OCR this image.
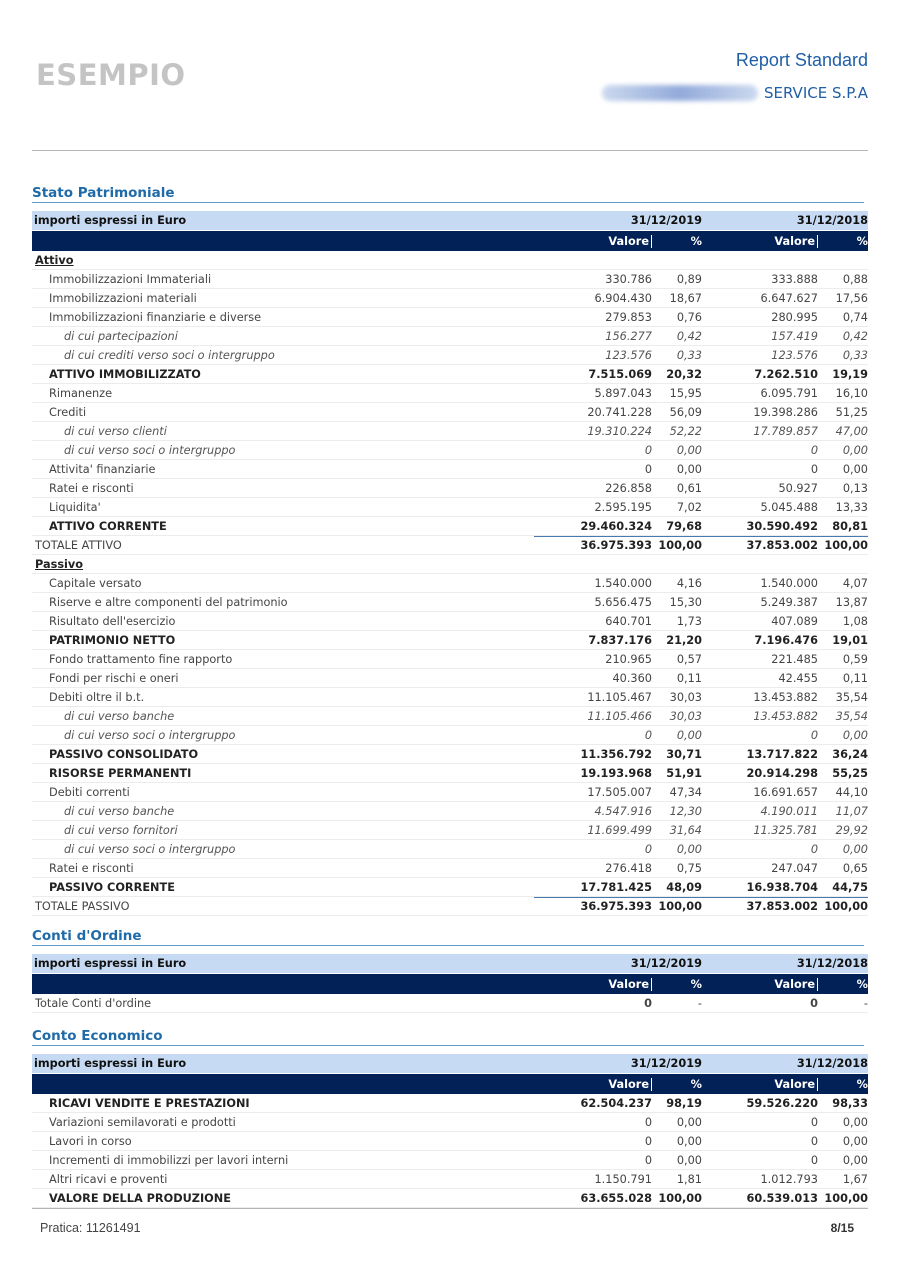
ESEMPIO	Report Standard
SERVICE S.P.A
Stato Patrimoniale
importi espressi in Euro	31/12/2019	31/12/2018
Valore	%	Valore	%
Attivo
Immobilizzazioni Immateriali	330.786	0,89	333.888	0,88
Immobilizzazioni materiali	6.904.430	18,67	6.647.627	17,56
Immobilizzazioni finanziarie e diverse	279.853	0,76	280.995	0,74
di cui partecipazioni	156.277	0,42	157.419	0,42
di cui crediti verso soci o intergruppo	123.576	0,33	123.576	0,33
ATTIVO IMMOBILIZZATO	7.515.069	20,32	7.262.510	19,19
Rimanenze	5.897.043	15,95	6.095.791	16,10
Crediti	20.741.228	56,09	19.398.286	51,25
di cui verso clienti	19.310.224	52,22	17.789.857	47,00
di cui verso soci o intergruppo	0	0,00	0	0,00
Attivita' finanziarie	0	0,00	0	0,00
Ratei e risconti	226.858	0,61	50.927	0,13
Liquidita'	2.595.195	7,02	5.045.488	13,33
ATTIVO CORRENTE	29.460.324	79,68	30.590.492	80,81
TOTALE ATTIVO	36.975.393 100,00	37.853.002 100,00
Passivo
Capitale versato	1.540.000	4,16	1.540.000	4,07
Riserve e altre componenti del patrimonio	5.656.475	15,30	5.249.387	13,87
Risultato dell'esercizio	640.701	1,73	407.089	1,08
PATRIMONIO NETTO	7.837.176	21,20	7.196.476	19,01
Fondo trattamento fine rapporto	210.965	0,57	221.485	0,59
Fondi per rischi e oneri	40.360	0,11	42.455	0,11
Debiti oltre il b.t.	11.105.467	30,03	13.453.882	35,54
di cui verso banche	11.105.466	30,03	13.453.882	35,54
di cui verso soci o intergruppo	0	0,00	0	0,00
PASSIVO CONSOLIDATO	11.356.792	30,71	13.717.822	36,24
RISORSE PERMANENTI	19.193.968	51,91	20.914.298	55,25
Debiti correnti	17.505.007	47,34	16.691.657	44,10
di cui verso banche	4.547.916	12,30	4.190.011	11,07
di cui verso fornitori	11.699.499	31,64	11.325.781	29,92
di cui verso soci o intergruppo	0	0,00	0	0,00
Ratei e risconti	276.418	0,75	247.047	0,65
PASSIVO CORRENTE	17.781.425	48,09	16.938.704	44,75
TOTALE PASSIVO	36.975.393 100,00	37.853.002 100,00
Conti d'Ordine
importi espressi in Euro	31/12/2019	31/12/2018
Valore	%	Valore	%
Totale Conti d'ordine	0	-	0	-
Conto Economico
importi espressi in Euro	31/12/2019	31/12/2018
Valore	%	Valore	%
RICAVI VENDITE E PRESTAZIONI	62.504.237	98,19	59.526.220	98,33
Variazioni semilavorati e prodotti	0	0,00	0	0,00
Lavori in corso	0	0,00	0	0,00
Incrementi di immobilizzi per lavori interni	0	0,00	0	0,00
Altri ricavi e proventi	1.150.791	1,81	1.012.793	1,67
VALORE DELLA PRODUZIONE	63.655.028 100,00	60.539.013 100,00
Pratica: 11261491	8/15
